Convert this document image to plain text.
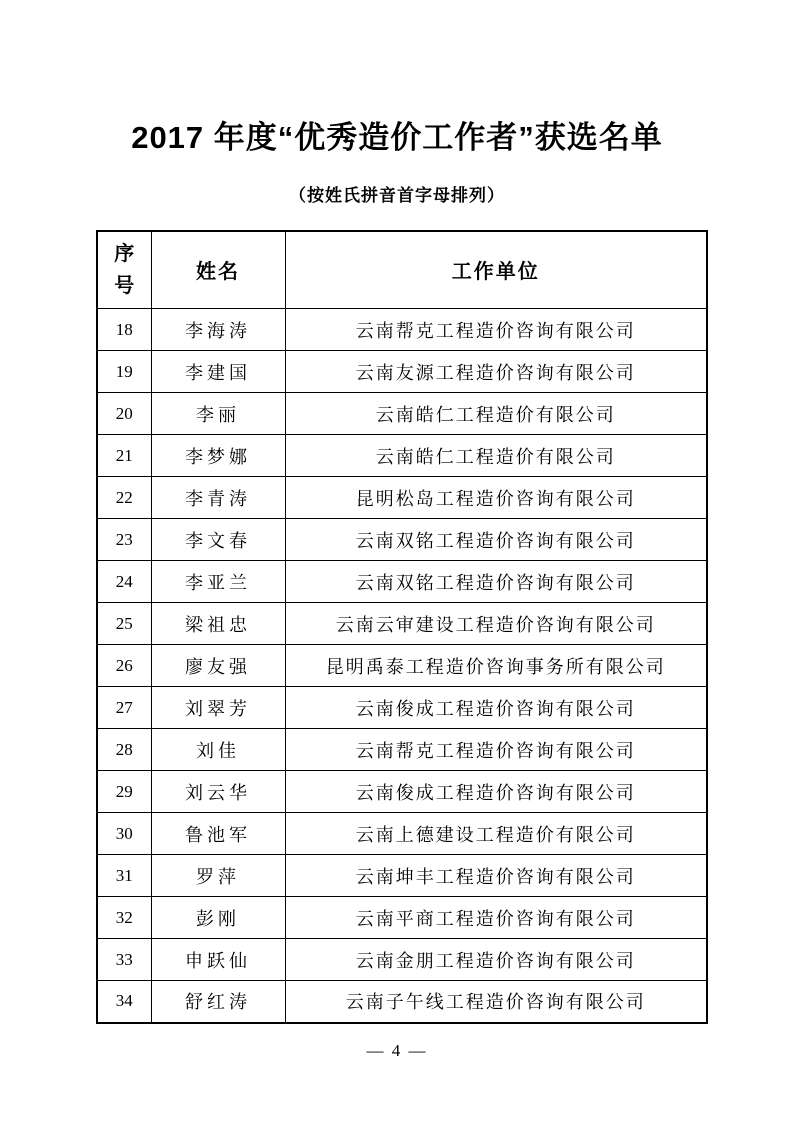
2017 年度“优秀造价工作者”获选名单
（按姓氏拼音首字母排列）
序号	姓名	工作单位
18	李海涛	云南帮克工程造价咨询有限公司
19	李建国	云南友源工程造价咨询有限公司
20	李丽	云南皓仁工程造价有限公司
21	李梦娜	云南皓仁工程造价有限公司
22	李青涛	昆明松岛工程造价咨询有限公司
23	李文春	云南双铭工程造价咨询有限公司
24	李亚兰	云南双铭工程造价咨询有限公司
25	梁祖忠	云南云审建设工程造价咨询有限公司
26	廖友强	昆明禹泰工程造价咨询事务所有限公司
27	刘翠芳	云南俊成工程造价咨询有限公司
28	刘佳	云南帮克工程造价咨询有限公司
29	刘云华	云南俊成工程造价咨询有限公司
30	鲁池军	云南上德建设工程造价有限公司
31	罗萍	云南坤丰工程造价咨询有限公司
32	彭刚	云南平商工程造价咨询有限公司
33	申跃仙	云南金朋工程造价咨询有限公司
34	舒红涛	云南子午线工程造价咨询有限公司
— 4 —
